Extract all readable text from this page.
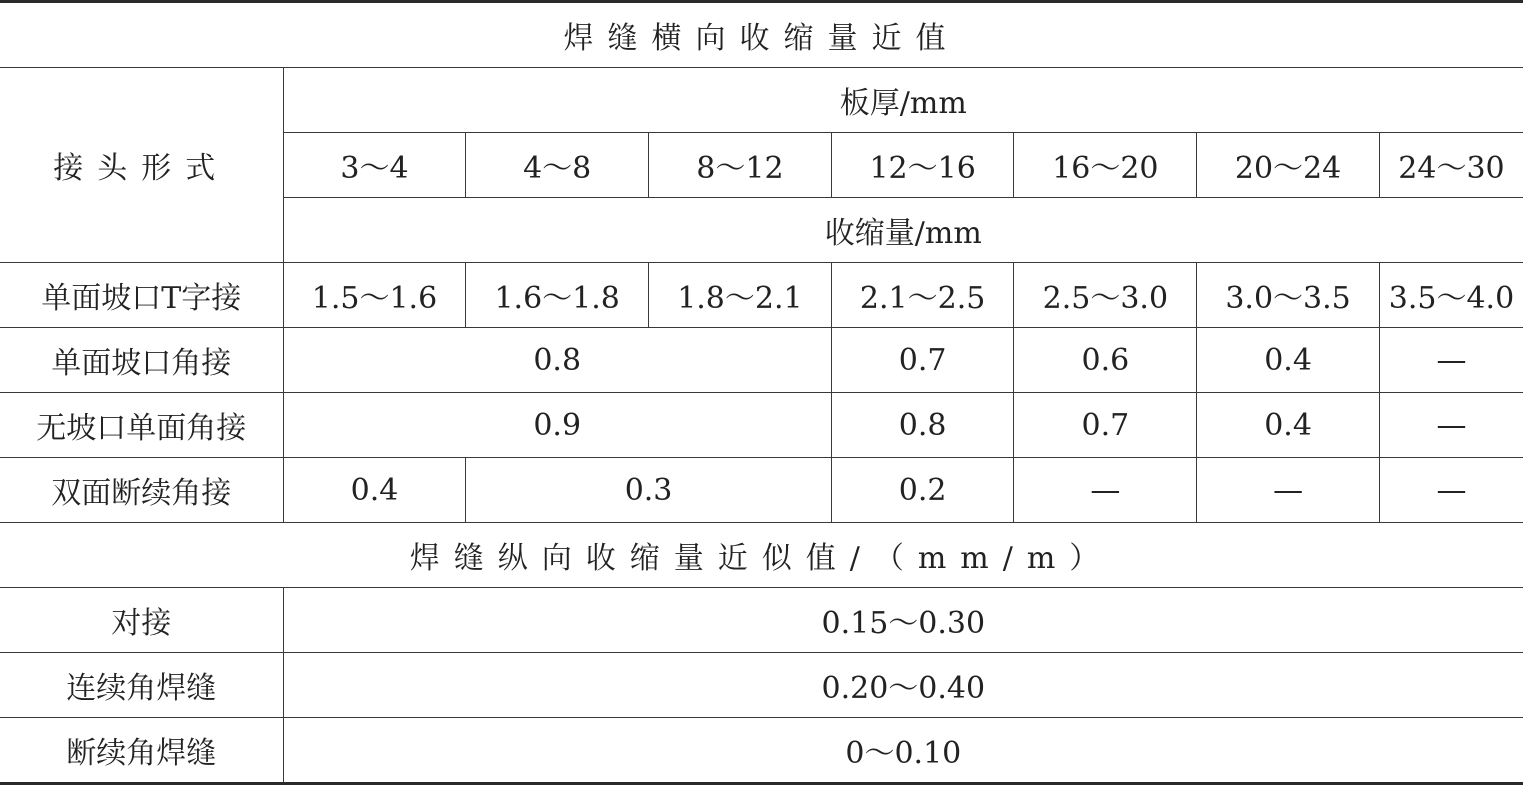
焊缝横向收缩量近值							
接头形式	板厚/mm						
	3～4	4～8	8～12	12～16	16～20	20～24	24～30
	收缩量/mm						
单面坡口T字接	1.5～1.6	1.6～1.8	1.8～2.1	2.1～2.5	2.5～3.0	3.0～3.5	3.5～4.0
单面坡口角接	0.8			0.7	0.6	0.4	—
无坡口单面角接	0.9			0.8	0.7	0.4	—
双面断续角接	0.4	0.3		0.2	—	—	—
焊缝纵向收缩量近似值/（mm/m）							
对接	0.15～0.30						
连续角焊缝	0.20～0.40						
断续角焊缝	0～0.10						
